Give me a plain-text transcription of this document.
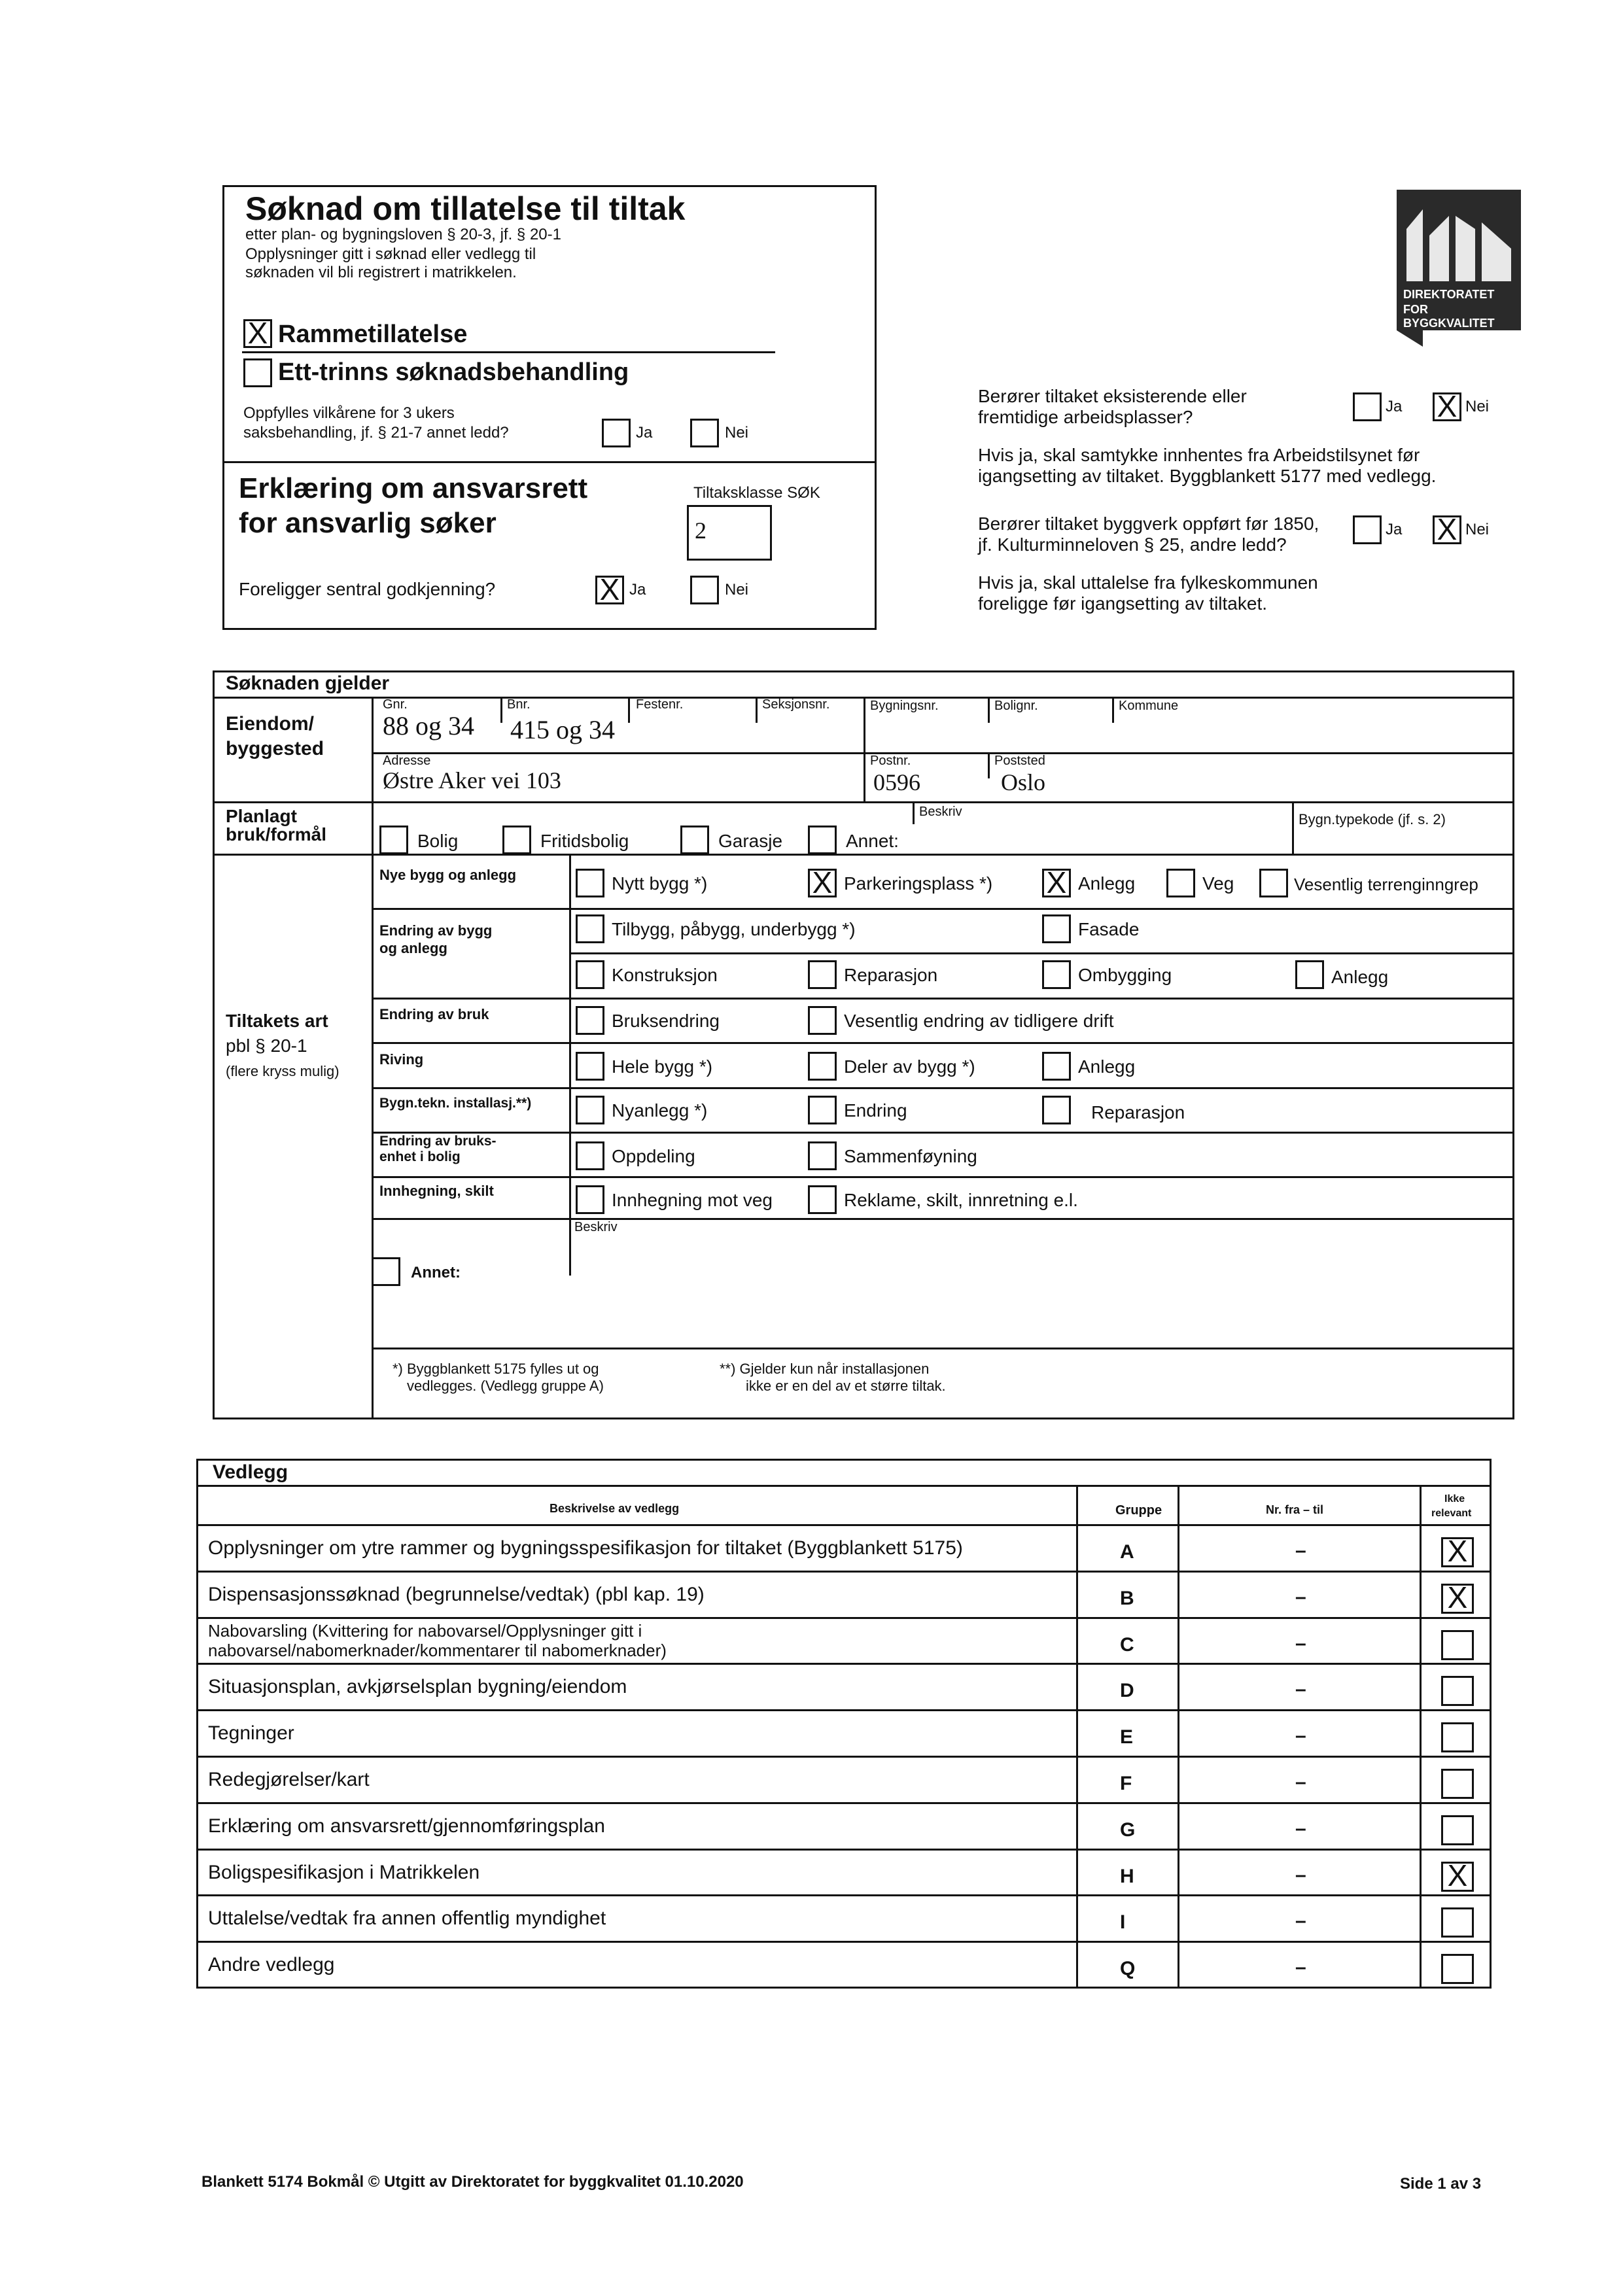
Søknad om tillatelse til tiltak
etter plan- og bygningsloven § 20-3, jf. § 20-1
Opplysninger gitt i søknad eller vedlegg til
søknaden vil bli registrert i matrikkelen.
X Rammetillatelse
Ett-trinns søknadsbehandling
Oppfylles vilkårene for 3 ukers
saksbehandling, jf. § 21-7 annet ledd?	Ja	Nei
Erklæring om ansvarsrett
for ansvarlig søker
Tiltaksklasse SØK
2
Foreligger sentral godkjenning?	X Ja	Nei
DIREKTORATET
FOR BYGGKVALITET
Berører tiltaket eksisterende eller
fremtidige arbeidsplasser?
Ja X Nei
Hvis ja, skal samtykke innhentes fra Arbeidstilsynet før
igangsetting av tiltaket. Byggblankett 5177 med vedlegg.
Berører tiltaket byggverk oppført før 1850,
jf. Kulturminneloven § 25, andre ledd?
Ja X Nei
Hvis ja, skal uttalelse fra fylkeskommunen
foreligge før igangsetting av tiltaket.
Søknaden gjelder
Eiendom/
byggested
Gnr.
88 og 34
Bnr.
415 og 34
Festenr.	Seksjonsnr.	Bygningsnr.	Bolignr.	Kommune
Adresse
Østre Aker vei 103
Postnr.
0596
Poststed
Oslo
Planlagt
bruk/formål	Bolig	Fritidsbolig	Garasje	Annet:
Beskriv	Bygn.typekode (jf. s. 2)
Tiltakets art
pbl § 20-1
(flere kryss mulig)
Nye bygg og anlegg	Nytt bygg *)	X Parkeringsplass *) X Anlegg	Veg	Vesentlig terrenginngrep
Endring av bygg
og anlegg
Tilbygg, påbygg, underbygg *)	Fasade
Konstruksjon	Reparasjon	Ombygging	Anlegg
Endring av bruk	Bruksendring	Vesentlig endring av tidligere drift
Riving	Hele bygg *)	Deler av bygg *)	Anlegg
Bygn.tekn. installasj.**)	Nyanlegg *)	Endring	Reparasjon
Endring av bruks-
enhet i bolig	Oppdeling	Sammenføyning
Innhegning, skilt	Innhegning mot veg	Reklame, skilt, innretning e.l.
Beskriv
Annet:
*) Byggblankett 5175 fylles ut og
vedlegges. (Vedlegg gruppe A)
**) Gjelder kun når installasjonen
ikke er en del av et større tiltak.
Vedlegg
Beskrivelse av vedlegg	Gruppe	Nr. fra – til
Ikke
relevant
Opplysninger om ytre rammer og bygningsspesifikasjon for tiltaket (Byggblankett 5175)	A	–	X
Dispensasjonssøknad (begrunnelse/vedtak) (pbl kap. 19)	B	–	X
Nabovarsling (Kvittering for nabovarsel/Opplysninger gitt i
nabovarsel/nabomerknader/kommentarer til nabomerknader)	C	–
Situasjonsplan, avkjørselsplan bygning/eiendom	D	–
Tegninger	E	–
Redegjørelser/kart	F	–
Erklæring om ansvarsrett/gjennomføringsplan	G	–
Boligspesifikasjon i Matrikkelen	H	–	X
Uttalelse/vedtak fra annen offentlig myndighet	I	–
Andre vedlegg	Q	–
Blankett 5174 Bokmål © Utgitt av Direktoratet for byggkvalitet 01.10.2020	Side 1 av 3
